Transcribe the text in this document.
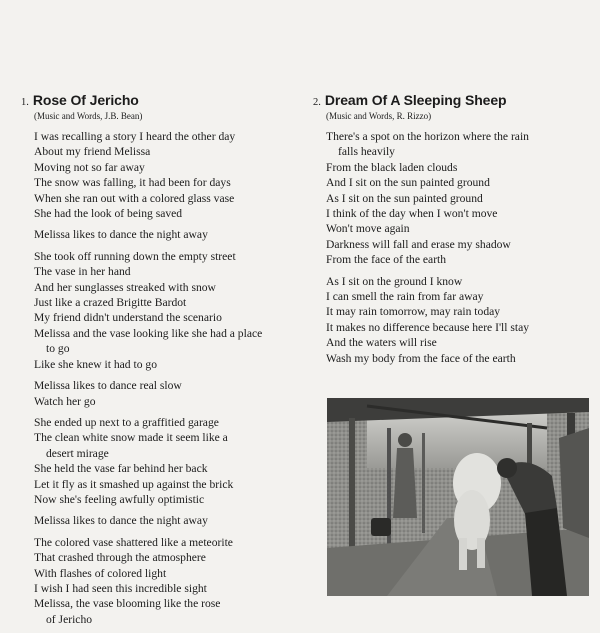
1. Rose Of Jericho
(Music and Words, J.B. Bean)
I was recalling a story I heard the other day
About my friend Melissa
Moving not so far away
The snow was falling, it had been for days
When she ran out with a colored glass vase
She had the look of being saved
Melissa likes to dance the night away
She took off running down the empty street
The vase in her hand
And her sunglasses streaked with snow
Just like a crazed Brigitte Bardot
My friend didn't understand the scenario
Melissa and the vase looking like she had a place
to go
Like she knew it had to go
Melissa likes to dance real slow
Watch her go
She ended up next to a graffitied garage
The clean white snow made it seem like a
desert mirage
She held the vase far behind her back
Let it fly as it smashed up against the brick
Now she's feeling awfully optimistic
Melissa likes to dance the night away
The colored vase shattered like a meteorite
That crashed through the atmosphere
With flashes of colored light
I wish I had seen this incredible sight
Melissa, the vase blooming like the rose
of Jericho
2. Dream Of A Sleeping Sheep
(Music and Words, R. Rizzo)
There's a spot on the horizon where the rain
falls heavily
From the black laden clouds
And I sit on the sun painted ground
As I sit on the sun painted ground
I think of the day when I won't move
Won't move again
Darkness will fall and erase my shadow
From the face of the earth
As I sit on the ground I know
I can smell the rain from far away
It may rain tomorrow, may rain today
It makes no difference because here I'll stay
And the waters will rise
Wash my body from the face of the earth
